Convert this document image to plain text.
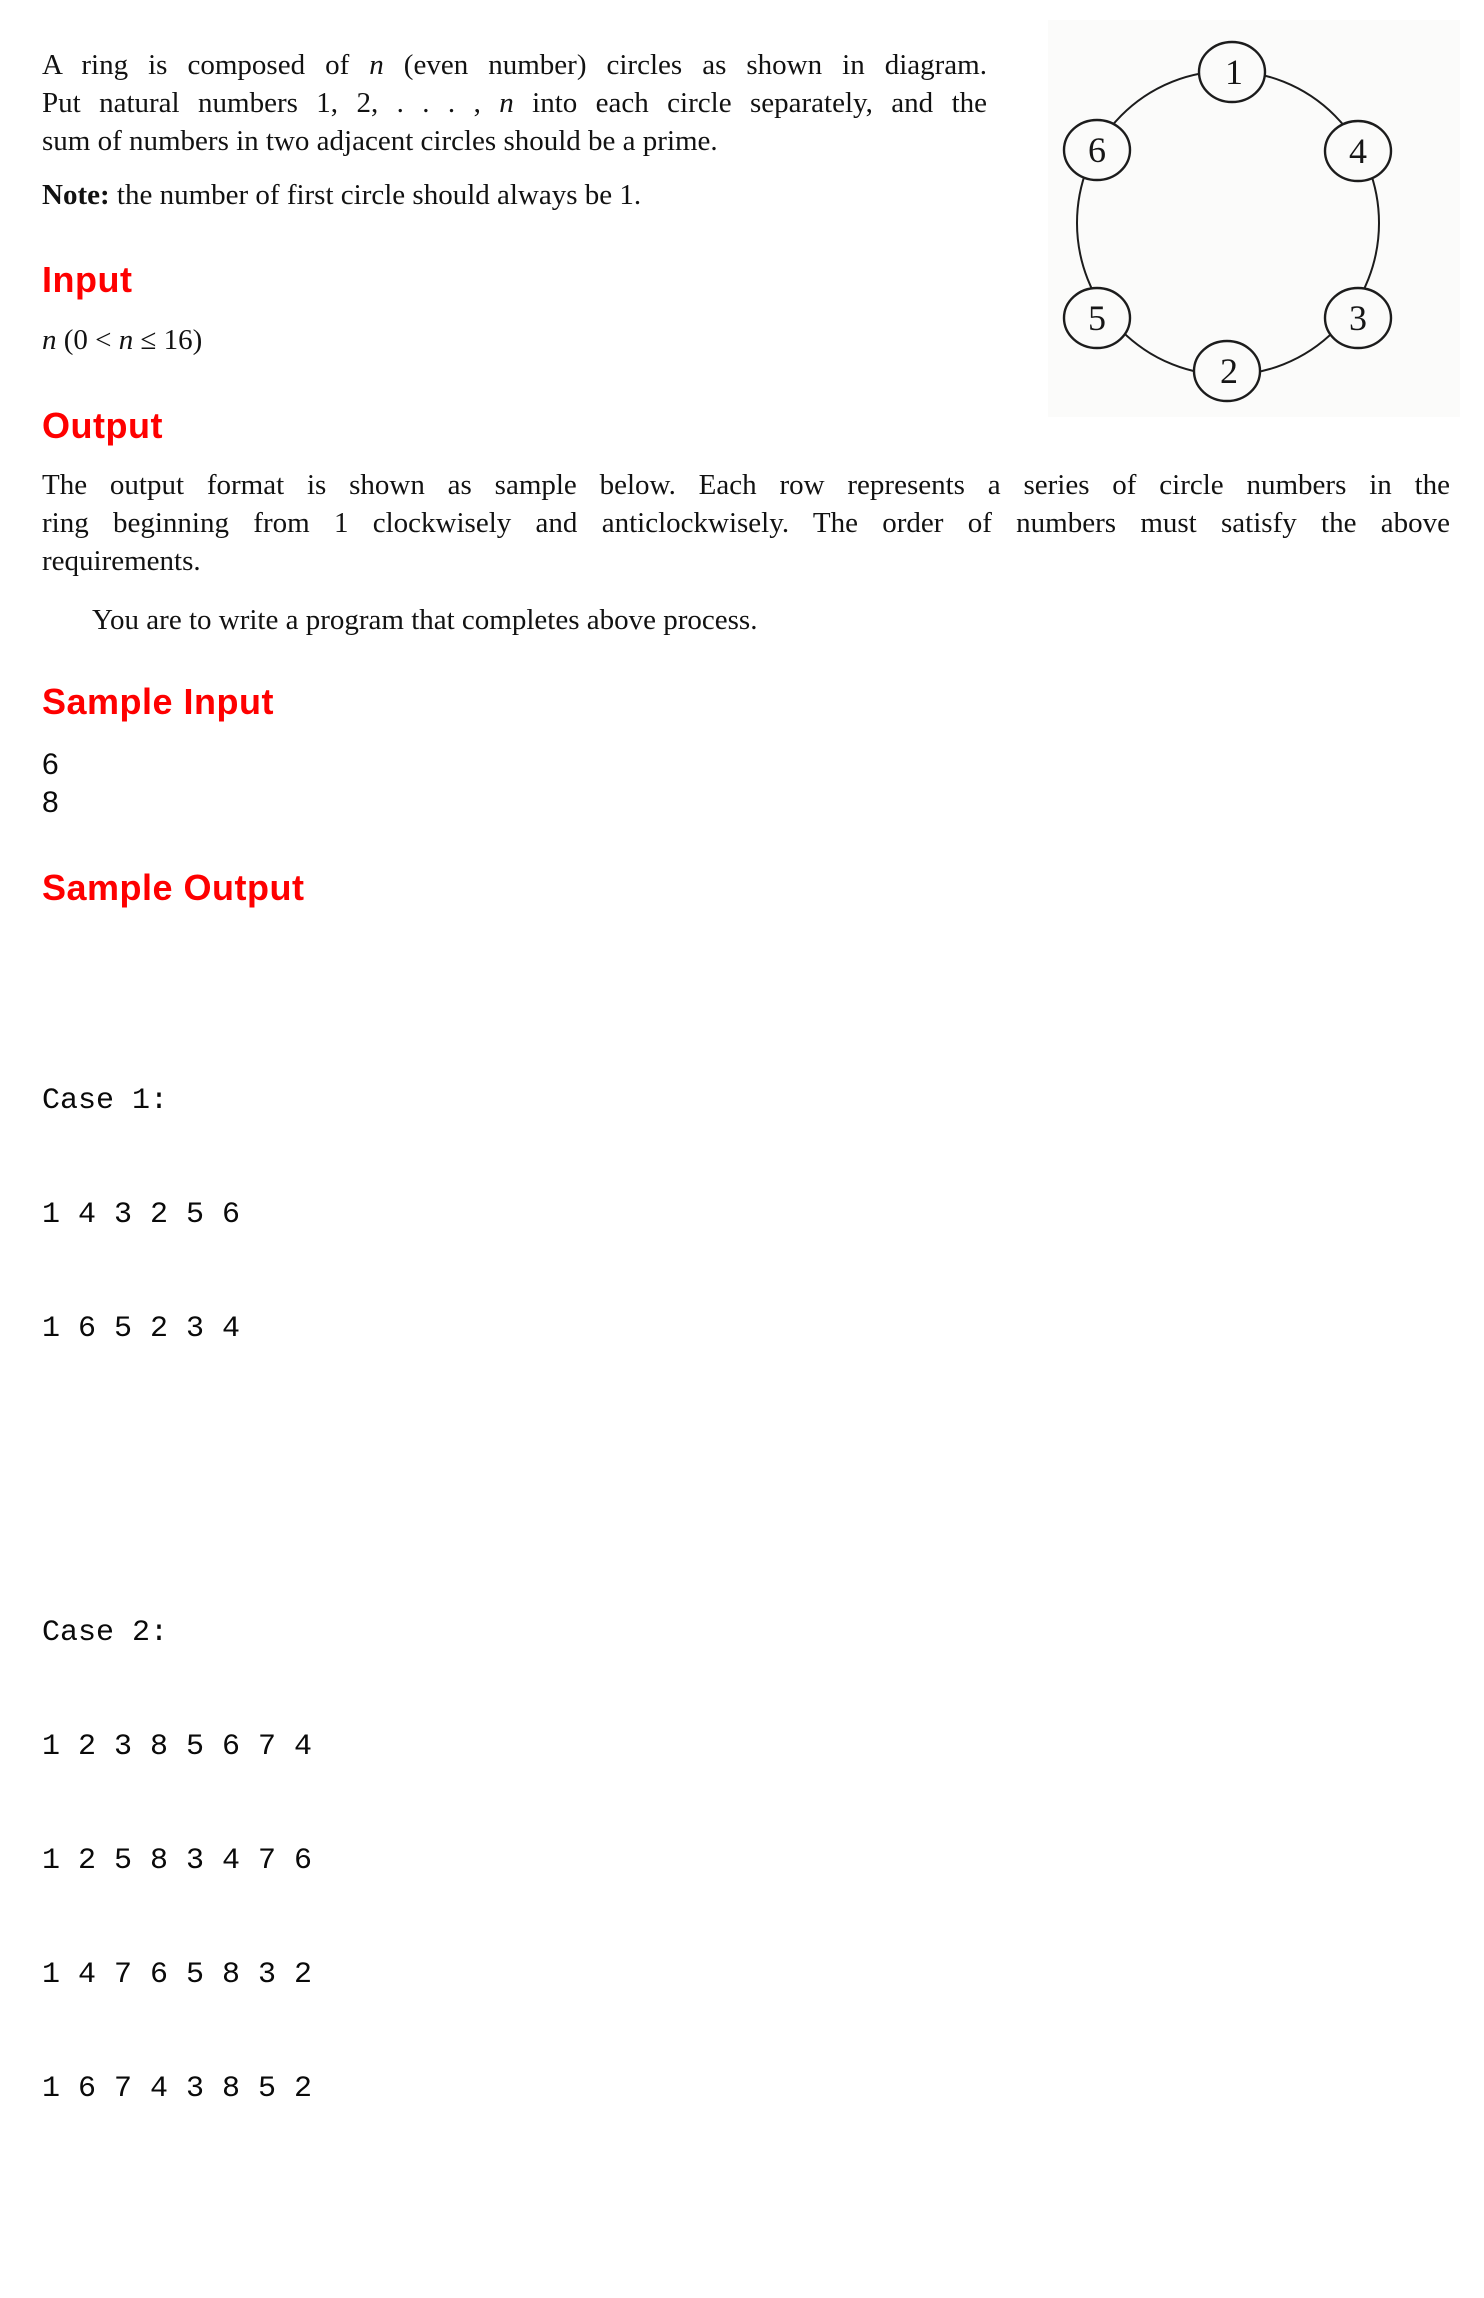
A ring is composed of n (even number) circles as shown in diagram.
Put natural numbers 1, 2, . . . , n into each circle separately, and the
sum of numbers in two adjacent circles should be a prime.
Note: the number of first circle should always be 1.
1
6	4
5	3
2
Input
n (0 < n ≤ 16)
Output
The output format is shown as sample below. Each row represents a series of circle numbers in the
ring beginning from 1 clockwisely and anticlockwisely. The order of numbers must satisfy the above
requirements.
You are to write a program that completes above process.
Sample Input
6
8
Sample Output

Case 1:

1 4 3 2 5 6

1 6 5 2 3 4

Case 2:

1 2 3 8 5 6 7 4

1 2 5 8 3 4 7 6

1 4 7 6 5 8 3 2

1 6 7 4 3 8 5 2
